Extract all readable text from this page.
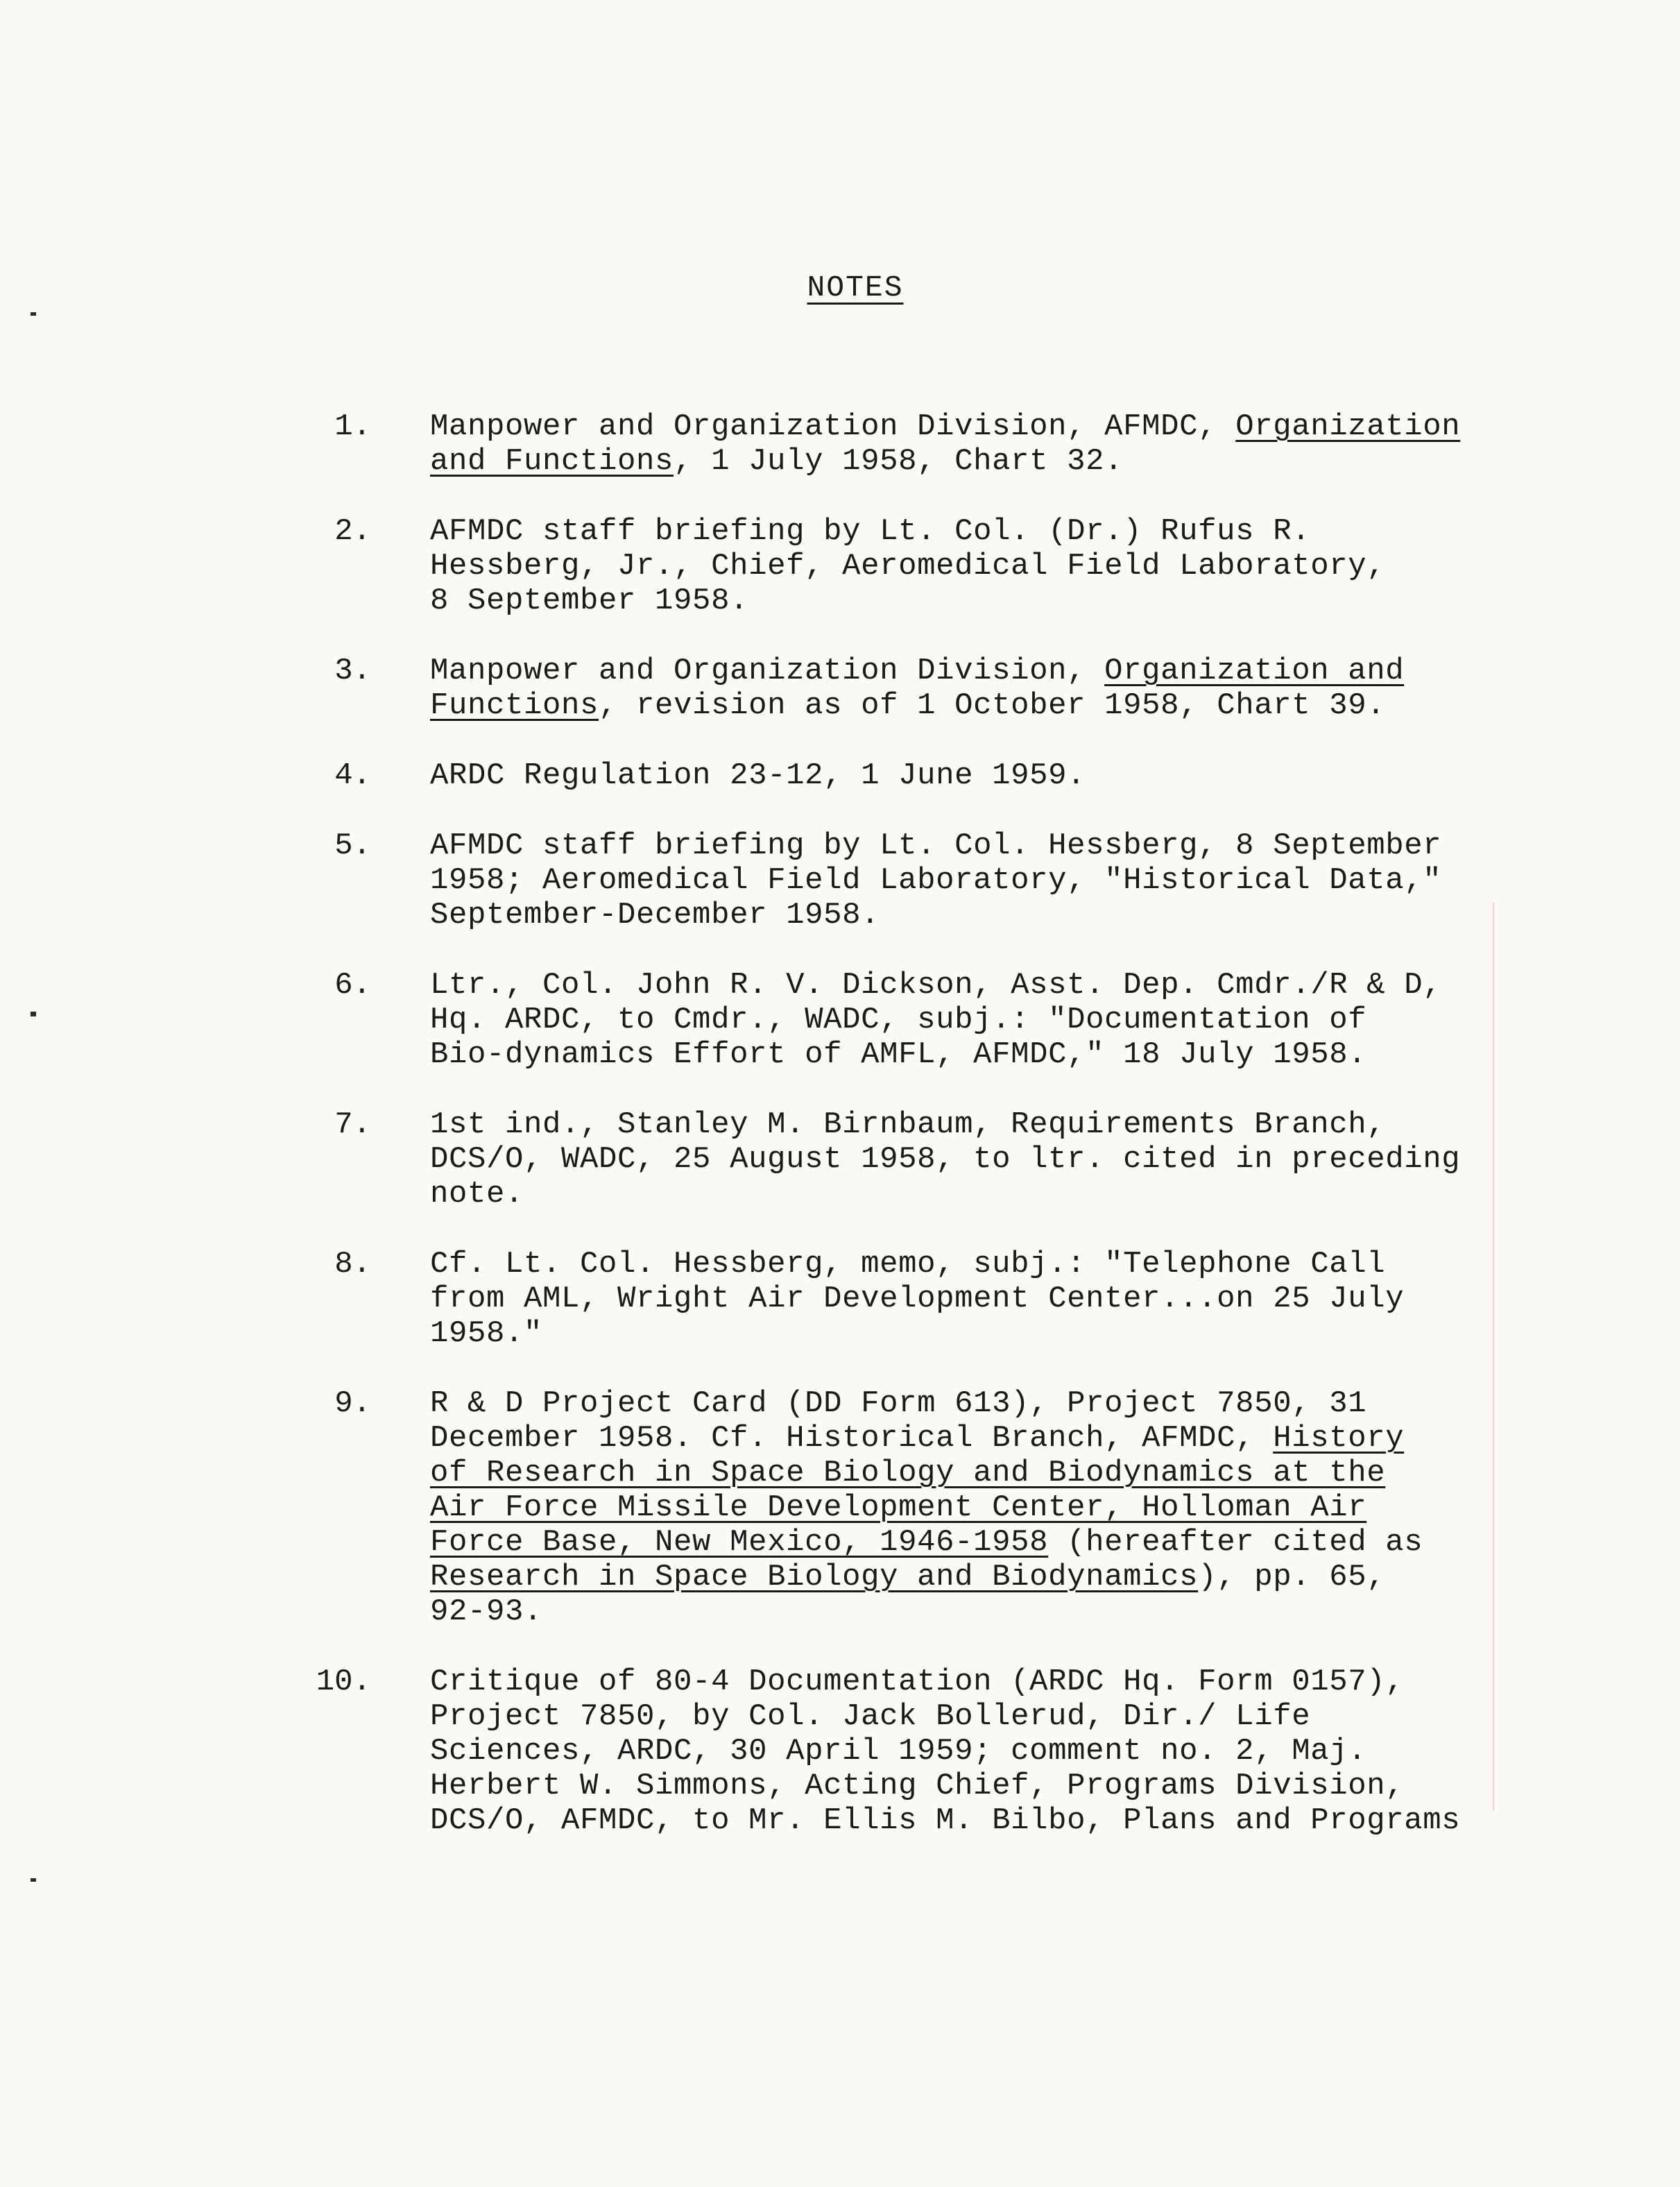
NOTES
1. Manpower and Organization Division, AFMDC, Organization
and Functions, 1 July 1958, Chart 32.
2. AFMDC staff briefing by Lt. Col. (Dr.) Rufus R.
Hessberg, Jr., Chief, Aeromedical Field Laboratory,
8 September 1958.
3. Manpower and Organization Division, Organization and
Functions, revision as of 1 October 1958, Chart 39.
4. ARDC Regulation 23-12, 1 June 1959.
5. AFMDC staff briefing by Lt. Col. Hessberg, 8 September
1958; Aeromedical Field Laboratory, "Historical Data,"
September-December 1958.
6. Ltr., Col. John R. V. Dickson, Asst. Dep. Cmdr./R & D,
Hq. ARDC, to Cmdr., WADC, subj.: "Documentation of
Bio-dynamics Effort of AMFL, AFMDC," 18 July 1958.
7. 1st ind., Stanley M. Birnbaum, Requirements Branch,
DCS/O, WADC, 25 August 1958, to ltr. cited in preceding
note.
8. Cf. Lt. Col. Hessberg, memo, subj.: "Telephone Call
from AML, Wright Air Development Center...on 25 July
1958."
9. R & D Project Card (DD Form 613), Project 7850, 31
December 1958. Cf. Historical Branch, AFMDC, History
of Research in Space Biology and Biodynamics at the
Air Force Missile Development Center, Holloman Air
Force Base, New Mexico, 1946-1958 (hereafter cited as
Research in Space Biology and Biodynamics), pp. 65,
92-93.
10. Critique of 80-4 Documentation (ARDC Hq. Form 0157),
Project 7850, by Col. Jack Bollerud, Dir./ Life
Sciences, ARDC, 30 April 1959; comment no. 2, Maj.
Herbert W. Simmons, Acting Chief, Programs Division,
DCS/O, AFMDC, to Mr. Ellis M. Bilbo, Plans and Programs
